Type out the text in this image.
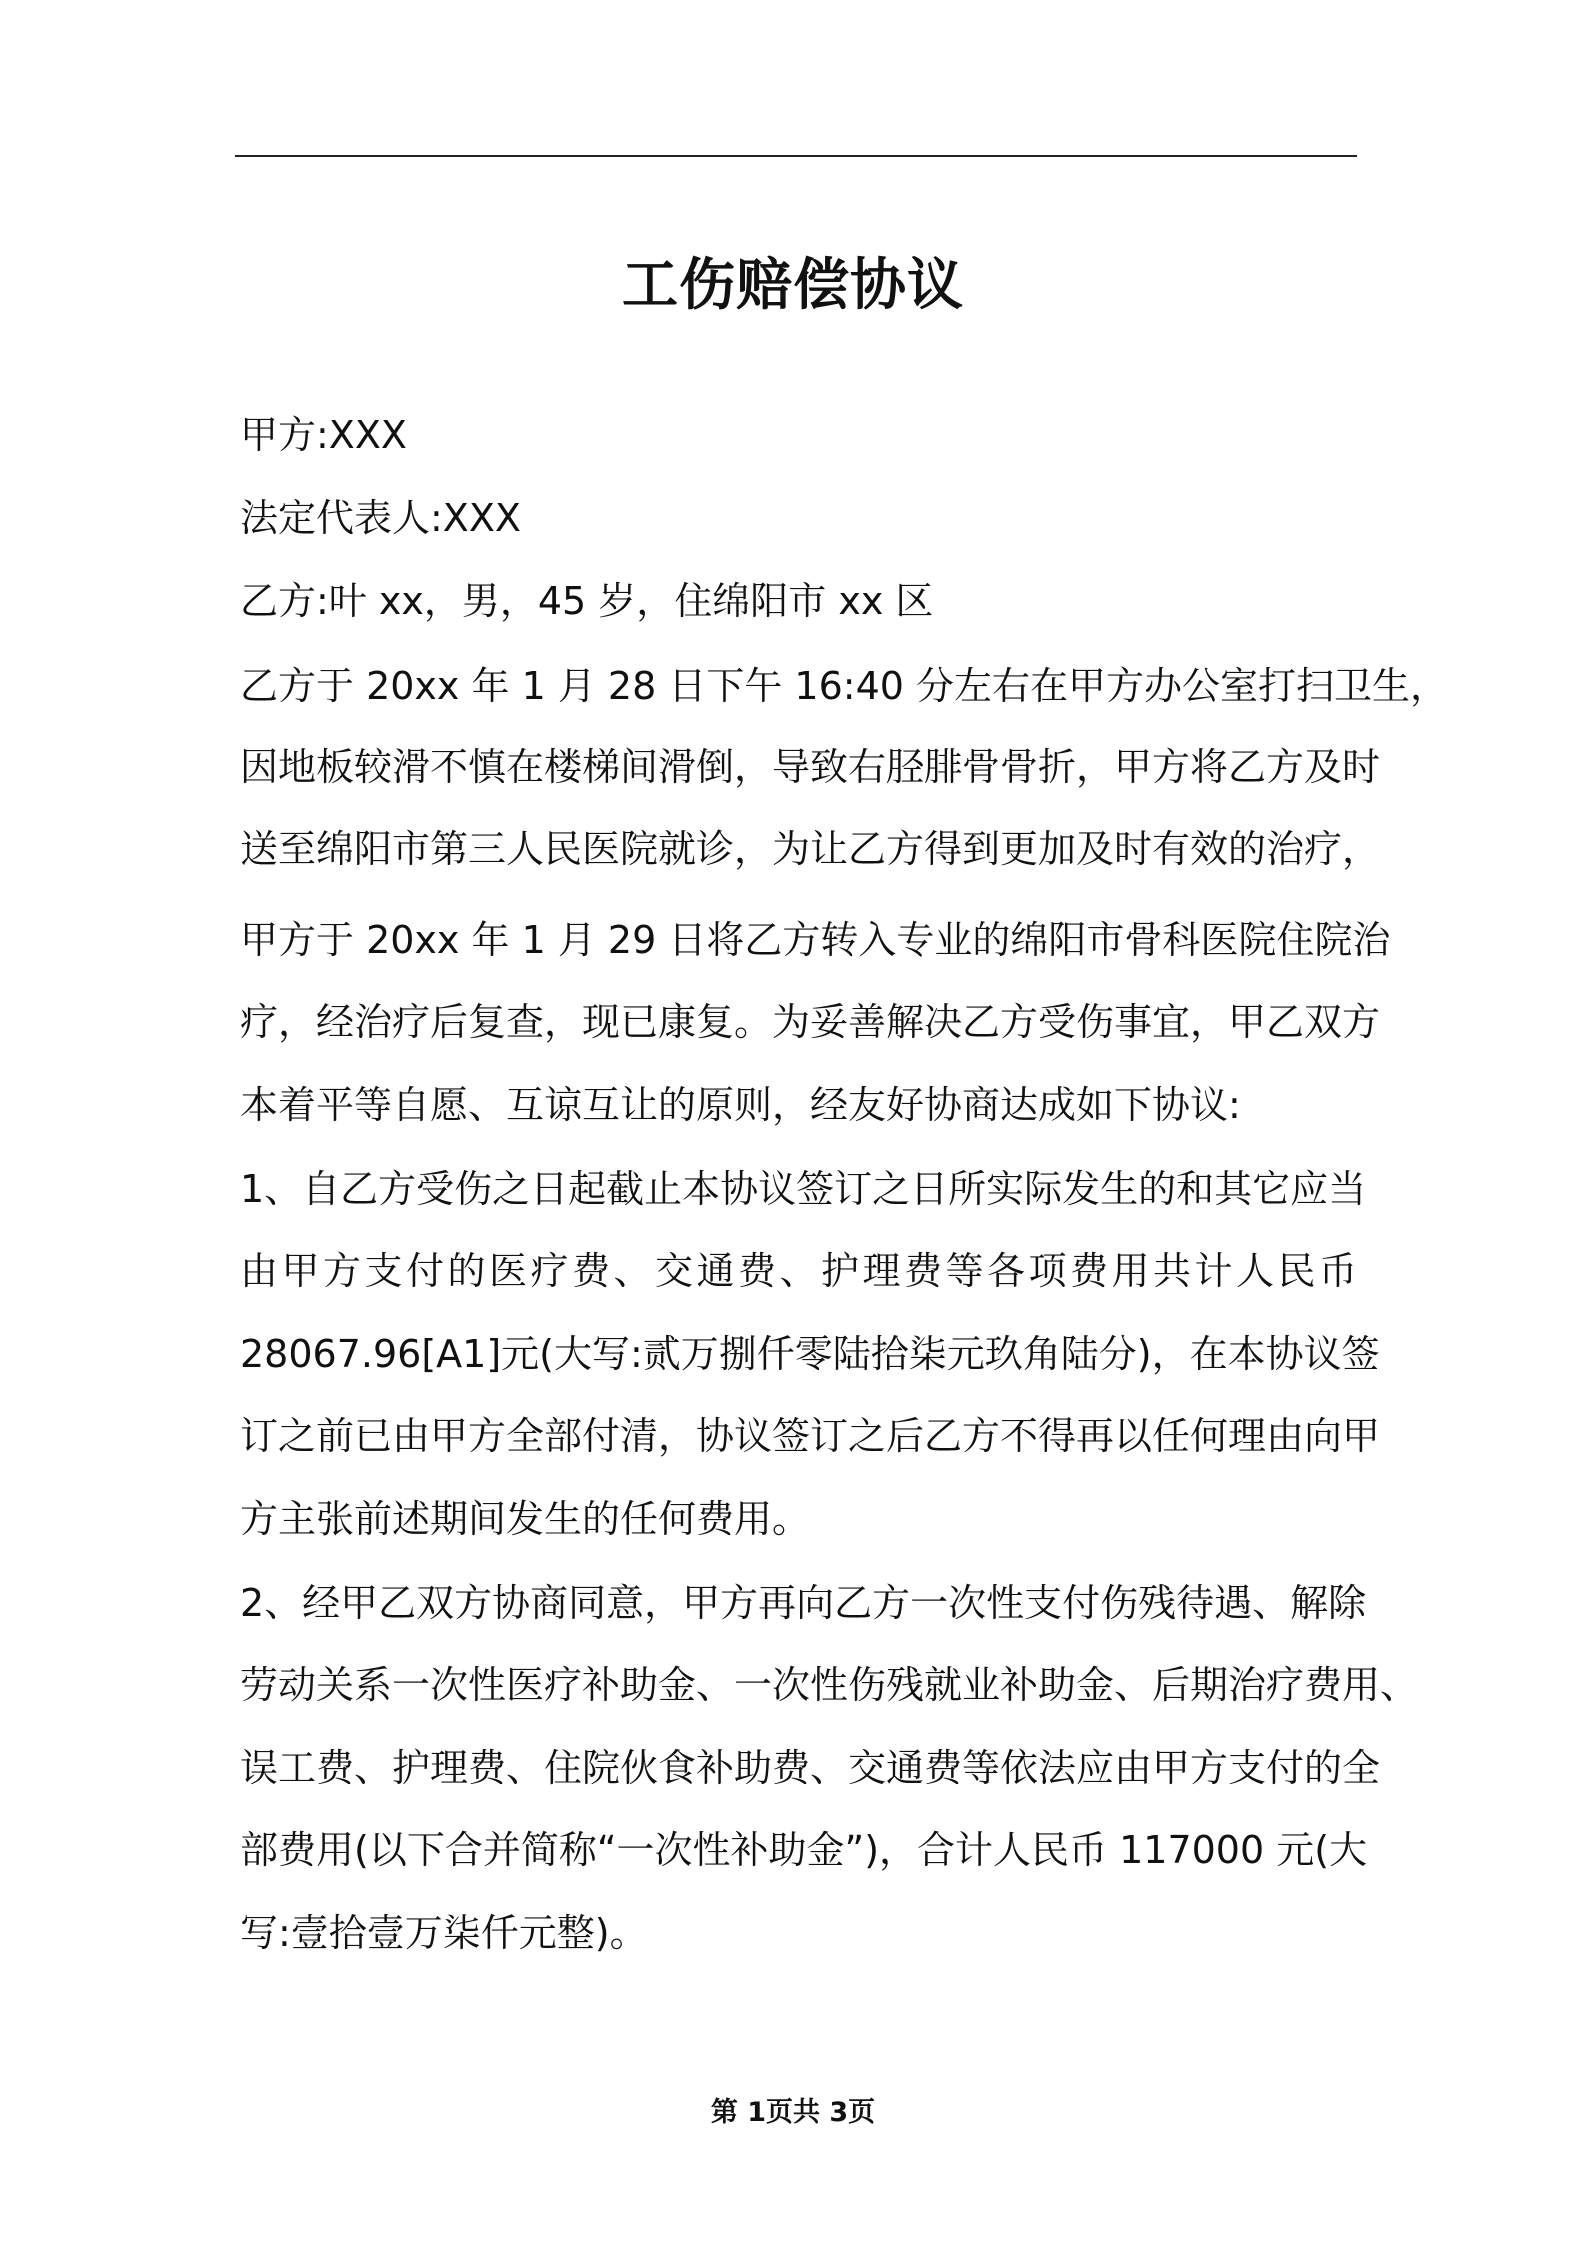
工伤赔偿协议

甲方:XXX

法定代表人:XXX

乙方:叶 xx，男，45 岁，住绵阳市 xx 区

乙方于 20xx 年 1 月 28 日下午 16:40 分左右在甲方办公室打扫卫生，

因地板较滑不慎在楼梯间滑倒，导致右胫腓骨骨折，甲方将乙方及时

送至绵阳市第三人民医院就诊，为让乙方得到更加及时有效的治疗，

甲方于 20xx 年 1 月 29 日将乙方转入专业的绵阳市骨科医院住院治

疗，经治疗后复查，现已康复。为妥善解决乙方受伤事宜，甲乙双方

本着平等自愿、互谅互让的原则，经友好协商达成如下协议:

1、自乙方受伤之日起截止本协议签订之日所实际发生的和其它应当

由甲方支付的医疗费、交通费、护理费等各项费用共计人民币

28067.96[A1]元(大写:贰万捌仟零陆拾柒元玖角陆分)，在本协议签

订之前已由甲方全部付清，协议签订之后乙方不得再以任何理由向甲

方主张前述期间发生的任何费用。

2、经甲乙双方协商同意，甲方再向乙方一次性支付伤残待遇、解除

劳动关系一次性医疗补助金、一次性伤残就业补助金、后期治疗费用、

误工费、护理费、住院伙食补助费、交通费等依法应由甲方支付的全

部费用(以下合并简称“一次性补助金”)，合计人民币 117000 元(大

写:壹拾壹万柒仟元整)。

第 1页共 3页
